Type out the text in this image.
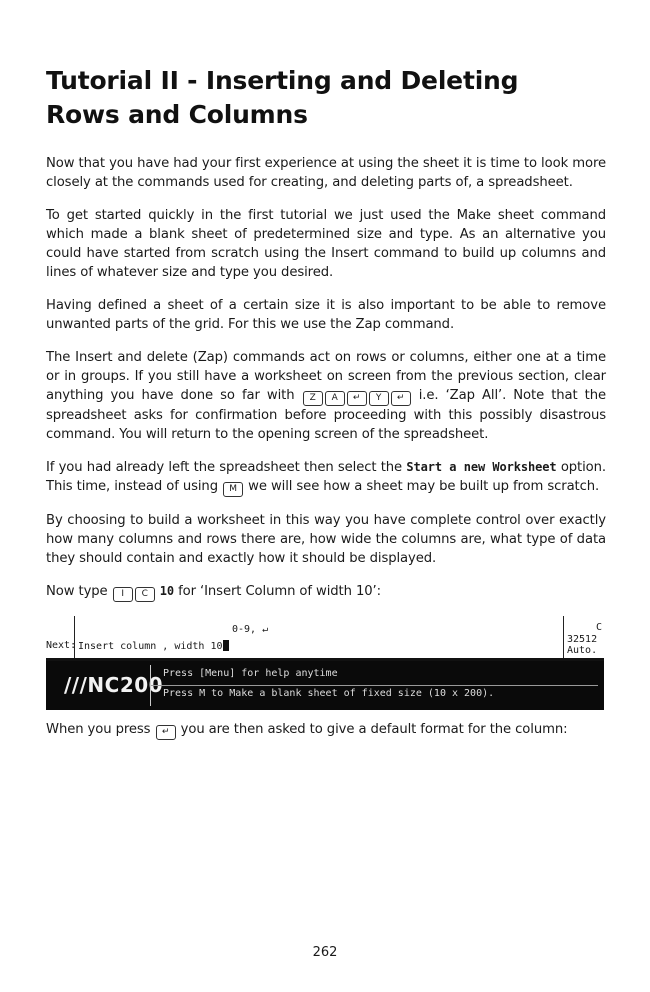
Tutorial II - Inserting and Deleting
Rows and Columns

Now that you have had your first experience at using the sheet it is time to look more closely at the commands used for creating, and deleting parts of, a spreadsheet.

To get started quickly in the first tutorial we just used the Make sheet command which made a blank sheet of predetermined size and type. As an alternative you could have started from scratch using the Insert command to build up columns and lines of whatever size and type you desired.

Having defined a sheet of a certain size it is also important to be able to remove unwanted parts of the grid. For this we use the Zap command.

The Insert and delete (Zap) commands act on rows or columns, either one at a time or in groups. If you still have a worksheet on screen from the previous section, clear anything you have done so far with Z A ↵ Y ↵ i.e. ‘Zap All’. Note that the spreadsheet asks for confirmation before proceeding with this possibly disastrous command. You will return to the opening screen of the spreadsheet.

If you had already left the spreadsheet then select the Start a new Worksheet option. This time, instead of using M we will see how a sheet may be built up from scratch.

By choosing to build a worksheet in this way you have complete control over exactly how many columns and rows there are, how wide the columns are, what type of data they should contain and exactly how it should be displayed.

Now type I C 10 for ‘Insert Column of width 10’:

0-9, ↵
Next: Insert column , width 10
C
32512
Auto.
///NC200 Press [Menu] for help anytime
Press M to Make a blank sheet of fixed size (10 x 200).

When you press ↵ you are then asked to give a default format for the column:

262
